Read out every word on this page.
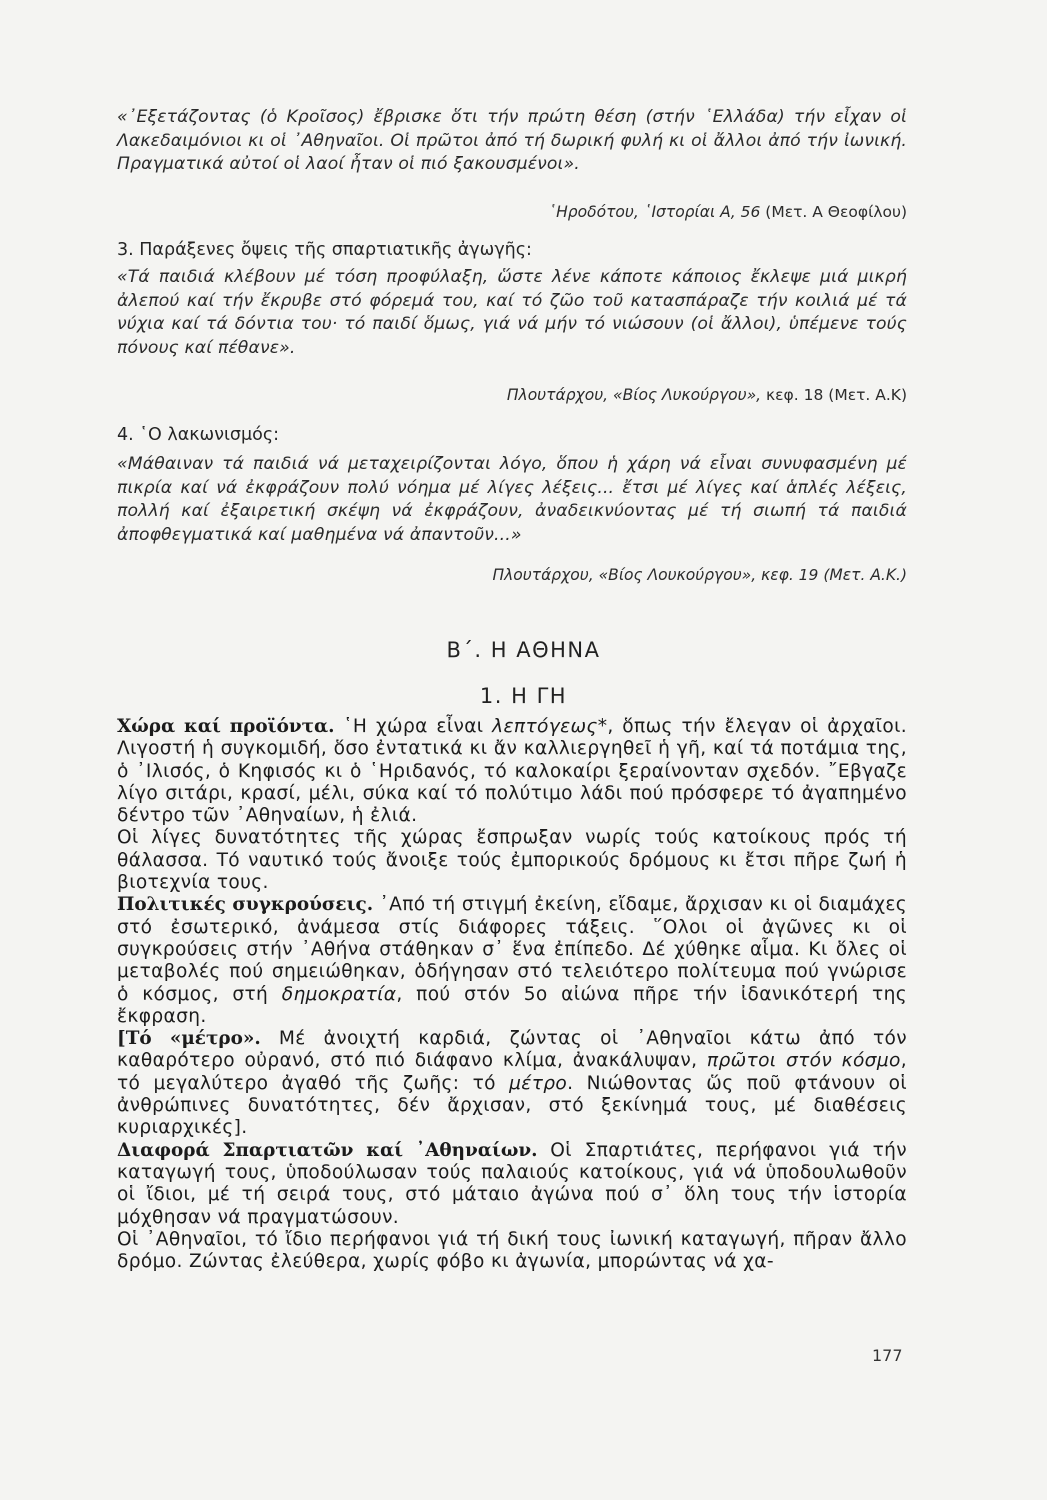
«᾽Εξετάζοντας (ὁ Κροῖσος) ἔβρισκε ὅτι τήν πρώτη θέση (στήν ῾Ελλάδα) τήν εἶχαν οἱ Λακεδαιμόνιοι κι οἱ ᾽Αθηναῖοι. Οἱ πρῶτοι ἀπό τή δωρική φυλή κι οἱ ἄλλοι ἀπό τήν ἰωνική. Πραγματικά αὐτοί οἱ λαοί ἦταν οἱ πιό ξακουσμένοι».

῾Ηροδότου, ῾Ιστορίαι Α, 56 (Μετ. Α Θεοφίλου)
3. Παράξενες ὄψεις τῆς σπαρτιατικῆς ἀγωγῆς:

«Τά παιδιά κλέβουν μέ τόση προφύλαξη, ὥστε λένε κάποτε κάποιος ἔκλεψε μιά μικρή ἀλεπού καί τήν ἔκρυβε στό φόρεμά του, καί τό ζῶο τοῦ κατασπάραζε τήν κοιλιά μέ τά νύχια καί τά δόντια του· τό παιδί ὅμως, γιά νά μήν τό νιώσουν (οἱ ἄλλοι), ὑπέμενε τούς πόνους καί πέθανε».

Πλουτάρχου, «Βίος Λυκούργου», κεφ. 18 (Μετ. Α.Κ)
4. ῾Ο λακωνισμός:

«Μάθαιναν τά παιδιά νά μεταχειρίζονται λόγο, ὅπου ἡ χάρη νά εἶναι συνυφασμένη μέ πικρία καί νά ἐκφράζουν πολύ νόημα μέ λίγες λέξεις... ἔτσι μέ λίγες καί ἁπλές λέξεις, πολλή καί ἐξαιρετική σκέψη νά ἐκφράζουν, ἀναδεικνύοντας μέ τή σιωπή τά παιδιά ἀποφθεγματικά καί μαθημένα νά ἀπαντοῦν...»

Πλουτάρχου, «Βίος Λουκούργου», κεφ. 19 (Μετ. Α.Κ.)
Β΄. Η ΑΘΗΝΑ
1. Η ΓΗ

Χώρα καί προϊόντα. ῾Η χώρα εἶναι λεπτόγεως*, ὅπως τήν ἔλεγαν οἱ ἀρχαῖοι. Λιγοστή ἡ συγκομιδή, ὅσο ἐντατικά κι ἄν καλλιεργηθεῖ ἡ γῆ, καί τά ποτάμια της, ὁ ᾽Ιλισός, ὁ Κηφισός κι ὁ ῾Ηριδανός, τό καλοκαίρι ξεραίνονταν σχεδόν. ῎Εβγαζε λίγο σιτάρι, κρασί, μέλι, σύκα καί τό πολύτιμο λάδι πού πρόσφερε τό ἀγαπημένο δέντρο τῶν ᾽Αθηναίων, ἡ ἐλιά.

Οἱ λίγες δυνατότητες τῆς χώρας ἔσπρωξαν νωρίς τούς κατοίκους πρός τή θάλασσα. Τό ναυτικό τούς ἄνοιξε τούς ἐμπορικούς δρόμους κι ἔτσι πῆρε ζωή ἡ βιοτεχνία τους.

Πολιτικές συγκρούσεις. ᾽Από τή στιγμή ἐκείνη, εἴδαμε, ἄρχισαν κι οἱ διαμάχες στό ἐσωτερικό, ἀνάμεσα στίς διάφορες τάξεις. ῞Ολοι οἱ ἀγῶνες κι οἱ συγκρούσεις στήν ᾽Αθήνα στάθηκαν σ᾽ ἕνα ἐπίπεδο. Δέ χύθηκε αἷμα. Κι ὅλες οἱ μεταβολές πού σημειώθηκαν, ὁδήγησαν στό τελειότερο πολίτευμα πού γνώρισε ὁ κόσμος, στή δημοκρατία, πού στόν 5ο αἰώνα πῆρε τήν ἰδανικότερή της ἔκφραση.

[Τό «μέτρο». Μέ ἀνοιχτή καρδιά, ζώντας οἱ ᾽Αθηναῖοι κάτω ἀπό τόν καθαρότερο οὐρανό, στό πιό διάφανο κλίμα, ἀνακάλυψαν, πρῶτοι στόν κόσμο, τό μεγαλύτερο ἀγαθό τῆς ζωῆς: τό μέτρο. Νιώθοντας ὥς ποῦ φτάνουν οἱ ἀνθρώπινες δυνατότητες, δέν ἄρχισαν, στό ξεκίνημά τους, μέ διαθέσεις κυριαρχικές].

Διαφορά Σπαρτιατῶν καί ᾽Αθηναίων. Οἱ Σπαρτιάτες, περήφανοι γιά τήν καταγωγή τους, ὑποδούλωσαν τούς παλαιούς κατοίκους, γιά νά ὑποδουλωθοῦν οἱ ἴδιοι, μέ τή σειρά τους, στό μάταιο ἀγώνα πού σ᾽ ὅλη τους τήν ἱστορία μόχθησαν νά πραγματώσουν.

Οἱ ᾽Αθηναῖοι, τό ἴδιο περήφανοι γιά τή δική τους ἰωνική καταγωγή, πῆραν ἄλλο δρόμο. Ζώντας ἐλεύθερα, χωρίς φόβο κι ἀγωνία, μπορώντας νά χα-

177
